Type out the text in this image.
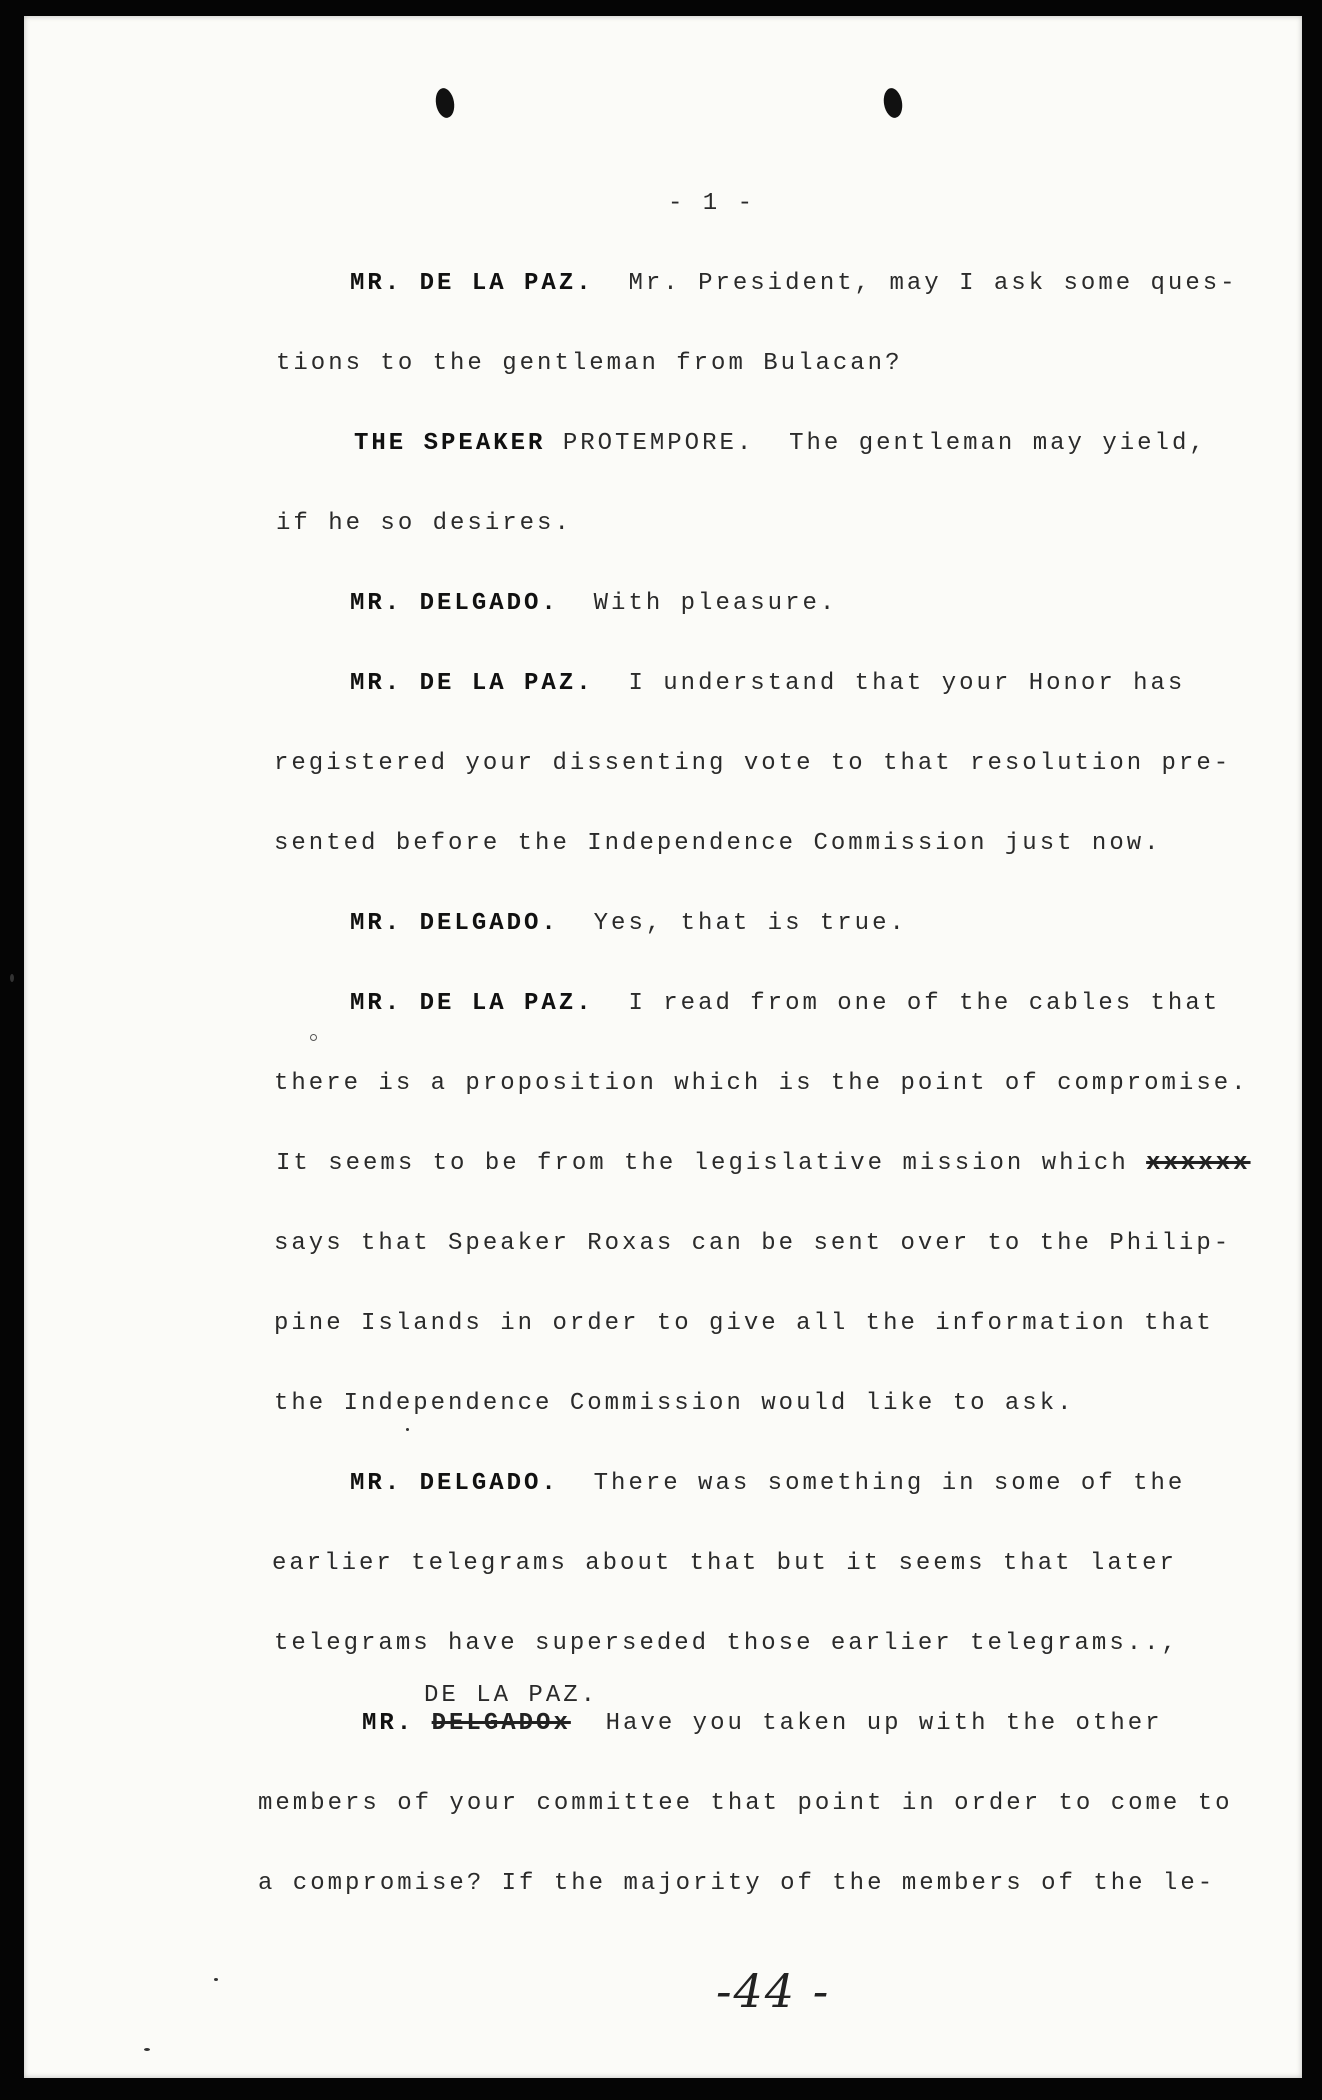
- 1 -
MR. DE LA PAZ. Mr. President, may I ask some ques-
tions to the gentleman from Bulacan?
THE SPEAKER PROTEMPORE. The gentleman may yield,
if he so desires.
MR. DELGADO. With pleasure.
MR. DE LA PAZ. I understand that your Honor has
registered your dissenting vote to that resolution pre-
sented before the Independence Commission just now.
MR. DELGADO. Yes, that is true.
MR. DE LA PAZ. I read from one of the cables that
there is a proposition which is the point of compromise.
It seems to be from the legislative mission which xxxxxx
says that Speaker Roxas can be sent over to the Philip-
pine Islands in order to give all the information that
the Independence Commission would like to ask.
MR. DELGADO. There was something in some of the
earlier telegrams about that but it seems that later
telegrams have superseded those earlier telegrams..,
DE LA PAZ.
MR. DELGADOx Have you taken up with the other
members of your committee that point in order to come to
a compromise? If the majority of the members of the le-
-44 -
